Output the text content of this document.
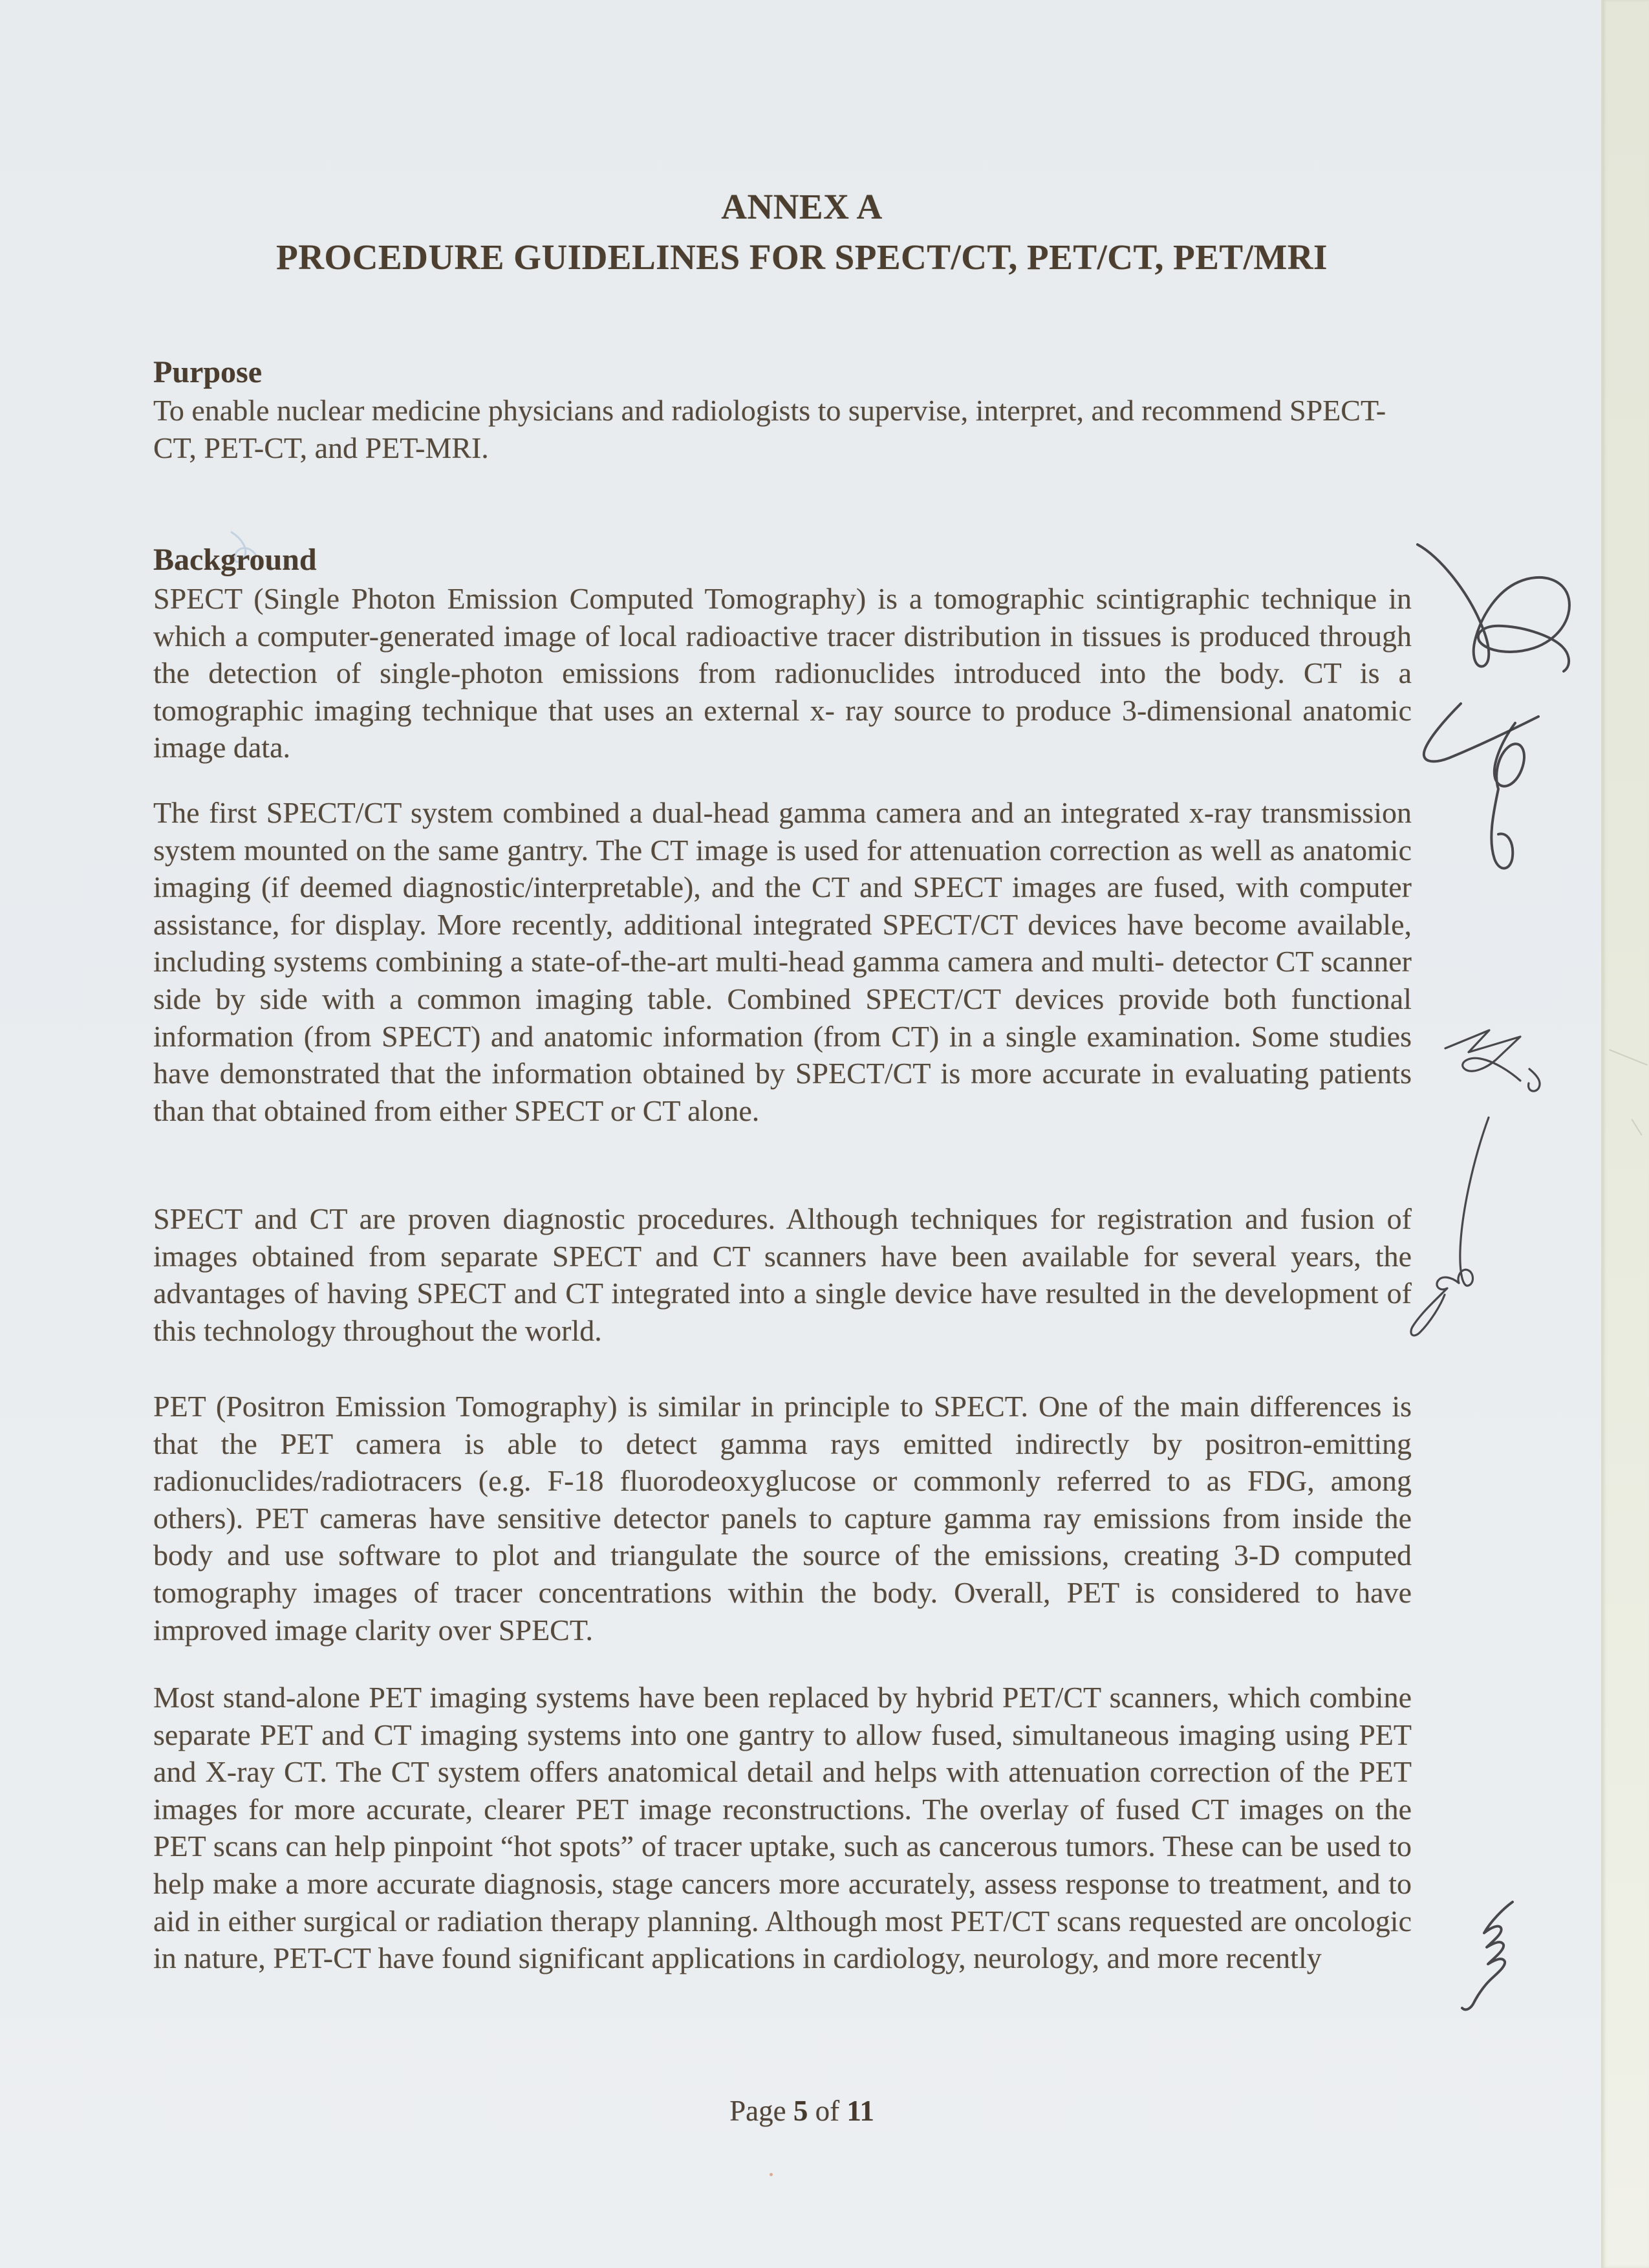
ANNEX A
PROCEDURE GUIDELINES FOR SPECT/CT, PET/CT, PET/MRI
Purpose
To enable nuclear medicine physicians and radiologists to supervise, interpret, and recommend SPECT-CT, PET-CT, and PET-MRI.
Background
SPECT (Single Photon Emission Computed Tomography) is a tomographic scintigraphic technique in which a computer-generated image of local radioactive tracer distribution in tissues is produced through the detection of single-photon emissions from radionuclides introduced into the body. CT is a tomographic imaging technique that uses an external x- ray source to produce 3-dimensional anatomic image data.
The first SPECT/CT system combined a dual-head gamma camera and an integrated x-ray transmission system mounted on the same gantry. The CT image is used for attenuation correction as well as anatomic imaging (if deemed diagnostic/interpretable), and the CT and SPECT images are fused, with computer assistance, for display. More recently, additional integrated SPECT/CT devices have become available, including systems combining a state-of-the-art multi-head gamma camera and multi- detector CT scanner side by side with a common imaging table. Combined SPECT/CT devices provide both functional information (from SPECT) and anatomic information (from CT) in a single examination. Some studies have demonstrated that the information obtained by SPECT/CT is more accurate in evaluating patients than that obtained from either SPECT or CT alone.
SPECT and CT are proven diagnostic procedures. Although techniques for registration and fusion of images obtained from separate SPECT and CT scanners have been available for several years, the advantages of having SPECT and CT integrated into a single device have resulted in the development of this technology throughout the world.
PET (Positron Emission Tomography) is similar in principle to SPECT. One of the main differences is that the PET camera is able to detect gamma rays emitted indirectly by positron-emitting radionuclides/radiotracers (e.g. F-18 fluorodeoxyglucose or commonly referred to as FDG, among others). PET cameras have sensitive detector panels to capture gamma ray emissions from inside the body and use software to plot and triangulate the source of the emissions, creating 3-D computed tomography images of tracer concentrations within the body. Overall, PET is considered to have improved image clarity over SPECT.
Most stand-alone PET imaging systems have been replaced by hybrid PET/CT scanners, which combine separate PET and CT imaging systems into one gantry to allow fused, simultaneous imaging using PET and X-ray CT. The CT system offers anatomical detail and helps with attenuation correction of the PET images for more accurate, clearer PET image reconstructions. The overlay of fused CT images on the PET scans can help pinpoint “hot spots” of tracer uptake, such as cancerous tumors. These can be used to help make a more accurate diagnosis, stage cancers more accurately, assess response to treatment, and to aid in either surgical or radiation therapy planning. Although most PET/CT scans requested are oncologic in nature, PET-CT have found significant applications in cardiology, neurology, and more recently
Page 5 of 11
